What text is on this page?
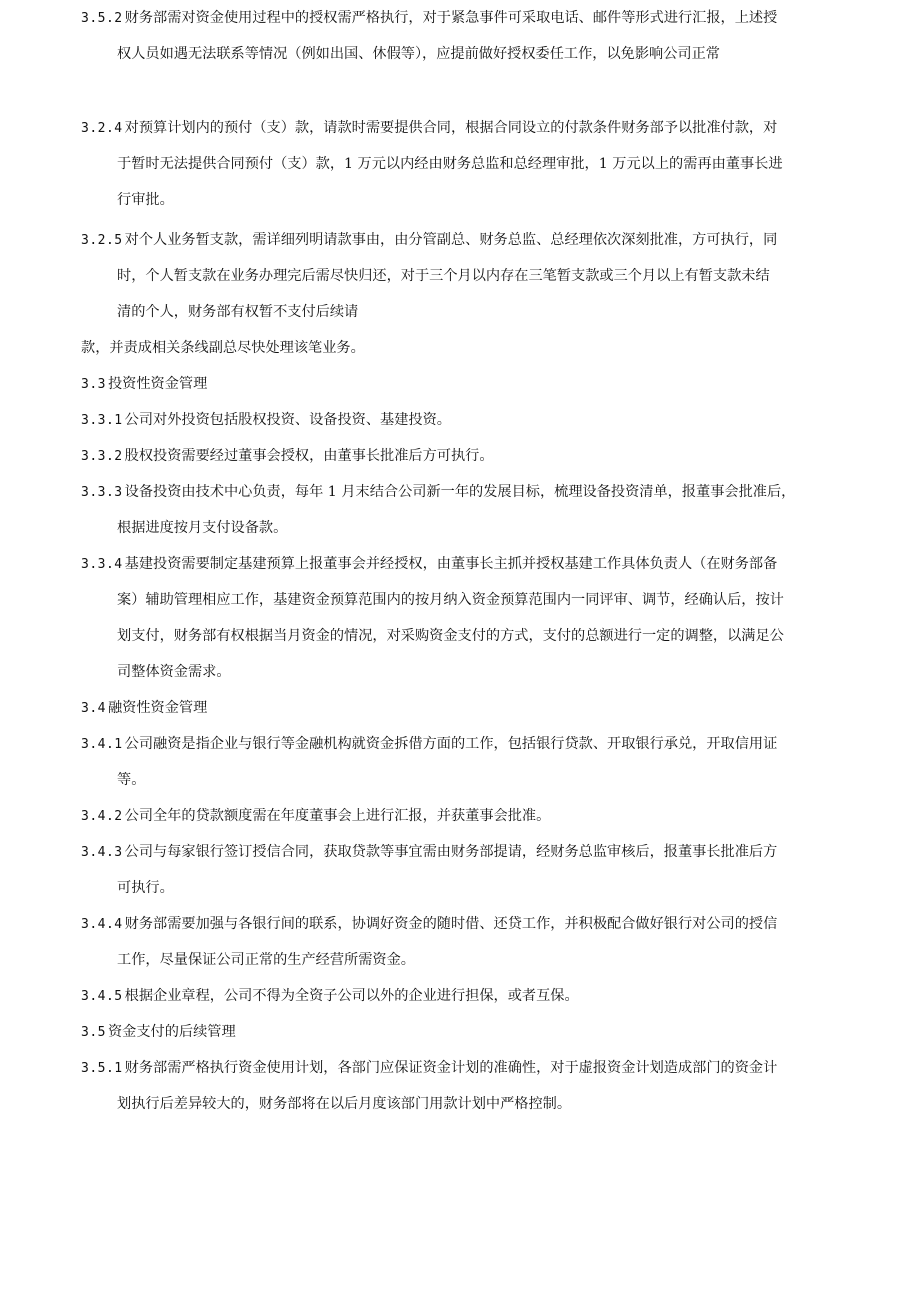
3.2.4 对预算计划内的预付（支）款，请款时需要提供合同，根据合同设立的付款条件财务部予以批准付款，对
于暂时无法提供合同预付（支）款，1 万元以内经由财务总监和总经理审批，1 万元以上的需再由董事长进
行审批。
3.2.5 对个人业务暂支款，需详细列明请款事由，由分管副总、财务总监、总经理依次深刻批准，方可执行，同
时，个人暂支款在业务办理完后需尽快归还，对于三个月以内存在三笔暂支款或三个月以上有暂支款未结
清的个人，财务部有权暂不支付后续请
款，并责成相关条线副总尽快处理该笔业务。
3.3 投资性资金管理
3.3.1 公司对外投资包括股权投资、设备投资、基建投资。
3.3.2 股权投资需要经过董事会授权，由董事长批准后方可执行。
3.3.3 设备投资由技术中心负责，每年 1 月末结合公司新一年的发展目标，梳理设备投资清单，报董事会批准后，
根据进度按月支付设备款。
3.3.4 基建投资需要制定基建预算上报董事会并经授权，由董事长主抓并授权基建工作具体负责人（在财务部备
案）辅助管理相应工作，基建资金预算范围内的按月纳入资金预算范围内一同评审、调节，经确认后，按计
划支付，财务部有权根据当月资金的情况，对采购资金支付的方式，支付的总额进行一定的调整，以满足公
司整体资金需求。
3.4 融资性资金管理
3.4.1 公司融资是指企业与银行等金融机构就资金拆借方面的工作，包括银行贷款、开取银行承兑，开取信用证
等。
3.4.2 公司全年的贷款额度需在年度董事会上进行汇报，并获董事会批准。
3.4.3 公司与每家银行签订授信合同，获取贷款等事宜需由财务部提请，经财务总监审核后，报董事长批准后方
可执行。
3.4.4 财务部需要加强与各银行间的联系，协调好资金的随时借、还贷工作，并积极配合做好银行对公司的授信
工作，尽量保证公司正常的生产经营所需资金。
3.4.5 根据企业章程，公司不得为全资子公司以外的企业进行担保，或者互保。
3.5 资金支付的后续管理
3.5.1 财务部需严格执行资金使用计划，各部门应保证资金计划的准确性，对于虚报资金计划造成部门的资金计
划执行后差异较大的，财务部将在以后月度该部门用款计划中严格控制。
3.5.2 财务部需对资金使用过程中的授权需严格执行，对于紧急事件可采取电话、邮件等形式进行汇报，上述授
权人员如遇无法联系等情况（例如出国、休假等），应提前做好授权委任工作，以免影响公司正常
